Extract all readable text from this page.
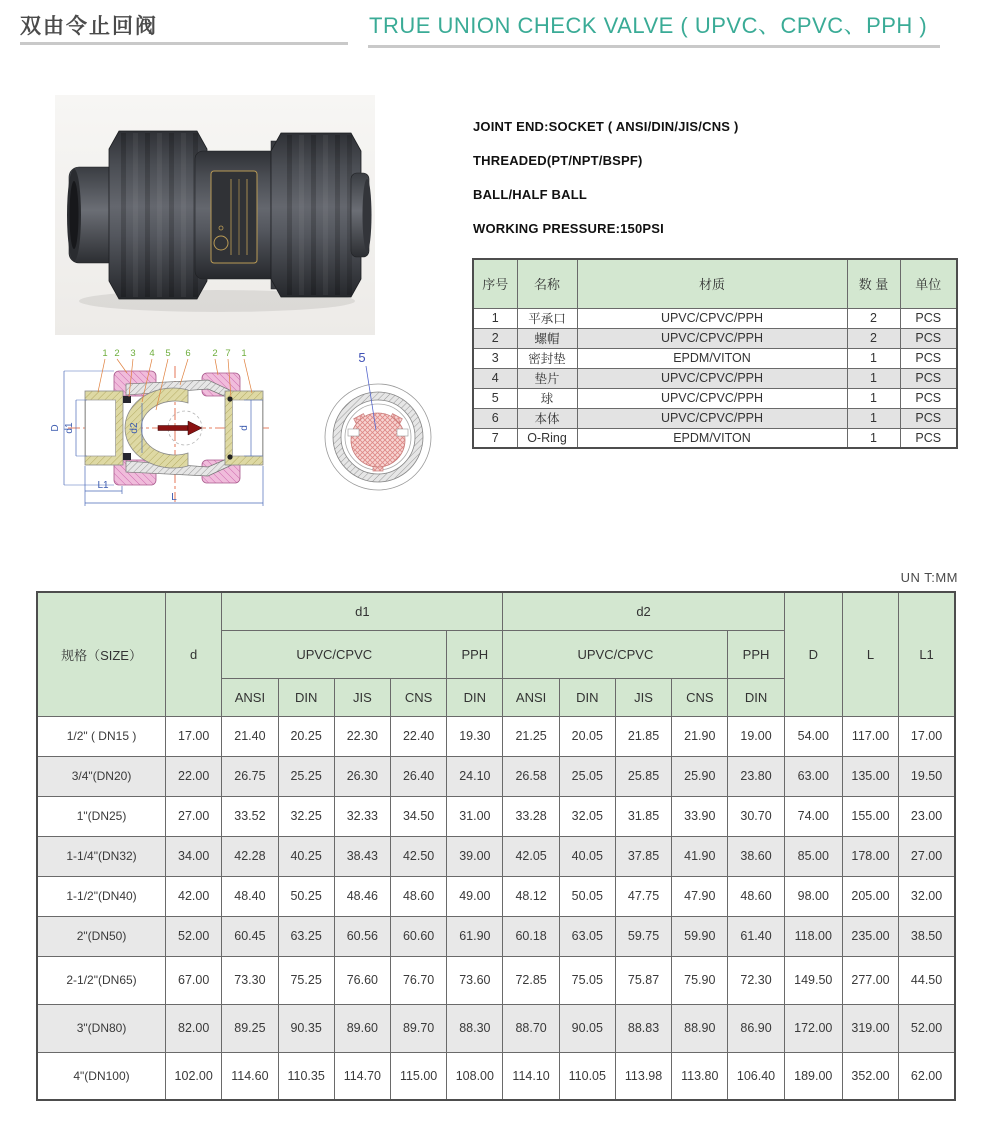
双由令止回阀	TRUE UNION CHECK VALVE ( UPVC、CPVC、PPH )
JOINT END:SOCKET ( ANSI/DIN/JIS/CNS )
THREADED(PT/NPT/BSPF)
BALL/HALF BALL
WORKING PRESSURE:150PSI
序号	名称	材质	数 量	单位
1	平承口	UPVC/CPVC/PPH	2	PCS
2	螺帽	UPVC/CPVC/PPH	2	PCS
3	密封垫	EPDM/VITON	1	PCS
4	垫片	UPVC/CPVC/PPH	1	PCS
5	球	UPVC/CPVC/PPH	1	PCS
6	本体	UPVC/CPVC/PPH	1	PCS
7	O-Ring	EPDM/VITON	1	PCS
D d1	d2	d
L1
L
1 2 3 4 5 6 2 7 1	5
UN T:MM
规格（SIZE）	d	d1					d2					D	L	L1
		UPVC/CPVC				PPH	UPVC/CPVC				PPH			
		ANSI	DIN	JIS	CNS	DIN	ANSI	DIN	JIS	CNS	DIN			
1/2" ( DN15 )	17.00	21.40	20.25	22.30	22.40	19.30	21.25	20.05	21.85	21.90	19.00	54.00	117.00	17.00
3/4"(DN20)	22.00	26.75	25.25	26.30	26.40	24.10	26.58	25.05	25.85	25.90	23.80	63.00	135.00	19.50
1"(DN25)	27.00	33.52	32.25	32.33	34.50	31.00	33.28	32.05	31.85	33.90	30.70	74.00	155.00	23.00
1-1/4"(DN32)	34.00	42.28	40.25	38.43	42.50	39.00	42.05	40.05	37.85	41.90	38.60	85.00	178.00	27.00
1-1/2"(DN40)	42.00	48.40	50.25	48.46	48.60	49.00	48.12	50.05	47.75	47.90	48.60	98.00	205.00	32.00
2"(DN50)	52.00	60.45	63.25	60.56	60.60	61.90	60.18	63.05	59.75	59.90	61.40	118.00	235.00	38.50
2-1/2"(DN65)	67.00	73.30	75.25	76.60	76.70	73.60	72.85	75.05	75.87	75.90	72.30	149.50	277.00	44.50
3"(DN80)	82.00	89.25	90.35	89.60	89.70	88.30	88.70	90.05	88.83	88.90	86.90	172.00	319.00	52.00
4"(DN100)	102.00	114.60	110.35	114.70	115.00	108.00	114.10	110.05	113.98	113.80	106.40	189.00	352.00	62.00
